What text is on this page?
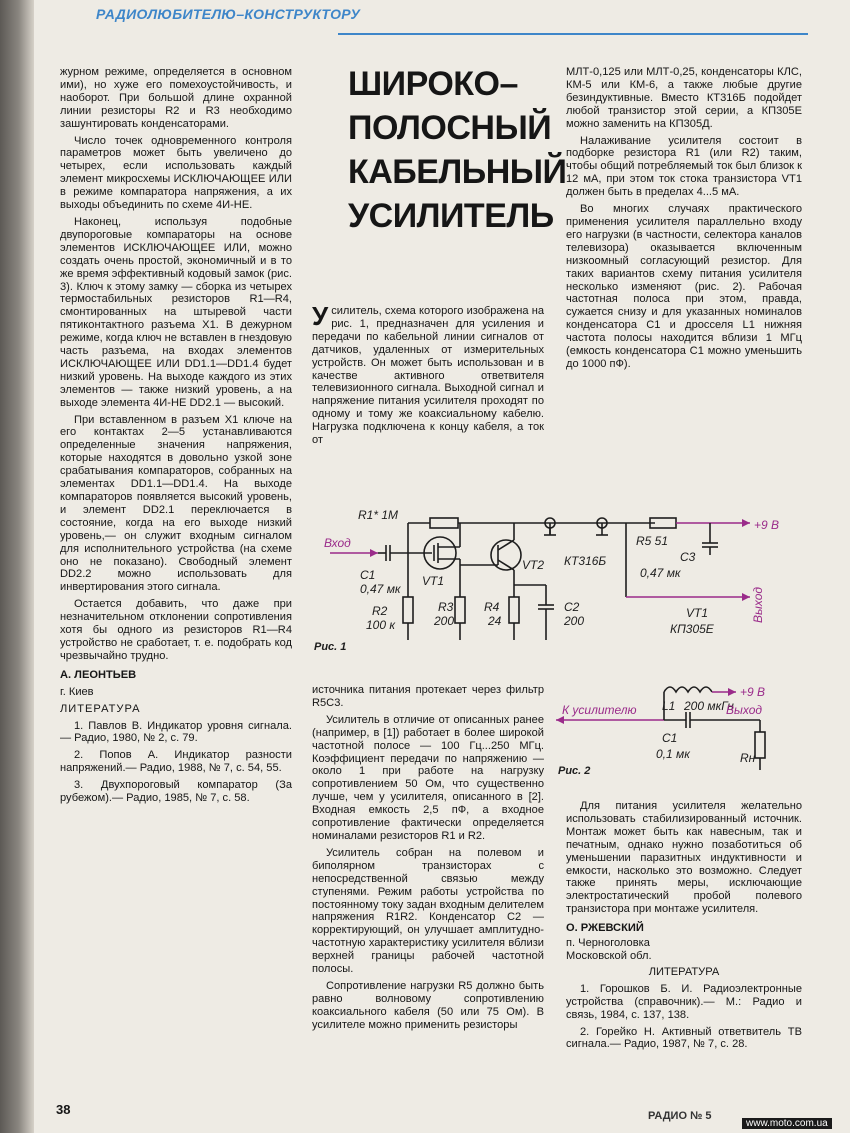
РАДИОЛЮБИТЕЛЮ–КОНСТРУКТОРУ

журном режиме, определяется в основном ими), но хуже его помехоустойчивость, и наоборот. При большой длине охранной линии резисторы R2 и R3 необходимо зашунтировать конденсаторами.

Число точек одновременного контроля параметров может быть увеличено до четырех, если использовать каждый элемент микросхемы ИСКЛЮЧАЮЩЕЕ ИЛИ в режиме компаратора напряжения, а их выходы объединить по схеме 4И-НЕ.

Наконец, используя подобные двупороговые компараторы на основе элементов ИСКЛЮЧАЮЩЕЕ ИЛИ, можно создать очень простой, экономичный и в то же время эффективный кодовый замок (рис. 3). Ключ к этому замку — сборка из четырех термостабильных резисторов R1—R4, смонтированных на штыревой части пятиконтактного разъема X1. В дежурном режиме, когда ключ не вставлен в гнездовую часть разъема, на входах элементов ИСКЛЮЧАЮЩЕЕ ИЛИ DD1.1—DD1.4 будет низкий уровень. На выходе каждого из этих элементов — также низкий уровень, а на выходе элемента 4И-НЕ DD2.1 — высокий.

При вставленном в разъем X1 ключе на его контактах 2—5 устанавливаются определенные значения напряжения, которые находятся в довольно узкой зоне срабатывания компараторов, собранных на элементах DD1.1—DD1.4. На выходе компараторов появляется высокий уровень, и элемент DD2.1 переключается в состояние, когда на его выходе низкий уровень,— он служит входным сигналом для исполнительного устройства (на схеме оно не показано). Свободный элемент DD2.2 можно использовать для инвертирования этого сигнала.

Остается добавить, что даже при незначительном отклонении сопротивления хотя бы одного из резисторов R1—R4 устройство не сработает, т. е. подобрать код чрезвычайно трудно.

А. ЛЕОНТЬЕВ

г. Киев

ЛИТЕРАТУРА

1. Павлов В. Индикатор уровня сигнала.— Радио, 1980, № 2, с. 79.

2. Попов А. Индикатор разности напряжений.— Радио, 1988, № 7, с. 54, 55.

3. Двухпороговый компаратор (За рубежом).— Радио, 1985, № 7, с. 58.

ШИРОКО–
ПОЛОСНЫЙ
КАБЕЛЬНЫЙ
УСИЛИТЕЛЬ

Усилитель, схема которого изображена на рис. 1, предназначен для усиления и передачи по кабельной линии сигналов от датчиков, удаленных от измерительных устройств. Он может быть использован и в качестве активного ответвителя телевизионного сигнала. Выходной сигнал и напряжение питания усилителя проходят по одному и тому же коаксиальному кабелю. Нагрузка подключена к концу кабеля, а ток от

МЛТ-0,125 или МЛТ-0,25, конденсаторы КЛС, КМ-5 или КМ-6, а также любые другие безиндуктивные. Вместо КТ316Б подойдет любой транзистор этой серии, а КП305Е можно заменить на КП305Д.

Налаживание усилителя состоит в подборке резистора R1 (или R2) таким, чтобы общий потребляемый ток был близок к 12 мА, при этом ток стока транзистора VT1 должен быть в пределах 4...5 мА.

Во многих случаях практического применения усилителя параллельно входу его нагрузки (в частности, селектора каналов телевизора) оказывается включенным низкоомный согласующий резистор. Для таких вариантов схему питания усилителя несколько изменяют (рис. 2). Рабочая частотная полоса при этом, правда, сужается снизу и для указанных номиналов конденсатора C1 и дросселя L1 нижняя частота полосы находится вблизи 1 МГц (емкость конденсатора C1 можно уменьшить до 1000 пФ).

R1* 1М
Вход
C1
0,47 мк
VT1
VT2 КТ316Б
R2
100 к
R3
200
R4
24
C2
200
R5 51
C3
0,47 мк
+9 В
Выход
VT1
КП305Е
Рис. 1

источника питания протекает через фильтр R5C3.

Усилитель в отличие от описанных ранее (например, в [1]) работает в более широкой частотной полосе — 100 Гц...250 МГц. Коэффициент передачи по напряжению — около 1 при работе на нагрузку сопротивлением 50 Ом, что существенно лучше, чем у усилителя, описанного в [2]. Входная емкость 2,5 пФ, а входное сопротивление фактически определяется номиналами резисторов R1 и R2.

Усилитель собран на полевом и биполярном транзисторах с непосредственной связью между ступенями. Режим работы устройства по постоянному току задан входным делителем напряжения R1R2. Конденсатор C2 — корректирующий, он улучшает амплитудно-частотную характеристику усилителя вблизи верхней границы рабочей частотной полосы.

Сопротивление нагрузки R5 должно быть равно волновому сопротивлению коаксиального кабеля (50 или 75 Ом). В усилителе можно применить резисторы

К усилителю L1 200 мкГн
+9 В
Выход
C1
0,1 мк	Rн
Рис. 2

Для питания усилителя желательно использовать стабилизированный источник. Монтаж может быть как навесным, так и печатным, однако нужно позаботиться об уменьшении паразитных индуктивности и емкости, насколько это возможно. Следует также принять меры, исключающие электростатический пробой полевого транзистора при монтаже усилителя.

О. РЖЕВСКИЙ

п. Черноголовка

Московской обл.

ЛИТЕРАТУРА

1. Горошков Б. И. Радиоэлектронные устройства (справочник).— М.: Радио и связь, 1984, с. 137, 138.

2. Горейко Н. Активный ответвитель ТВ сигнала.— Радио, 1987, № 7, с. 28.

38	РАДИО № 5
www.moto.com.ua
